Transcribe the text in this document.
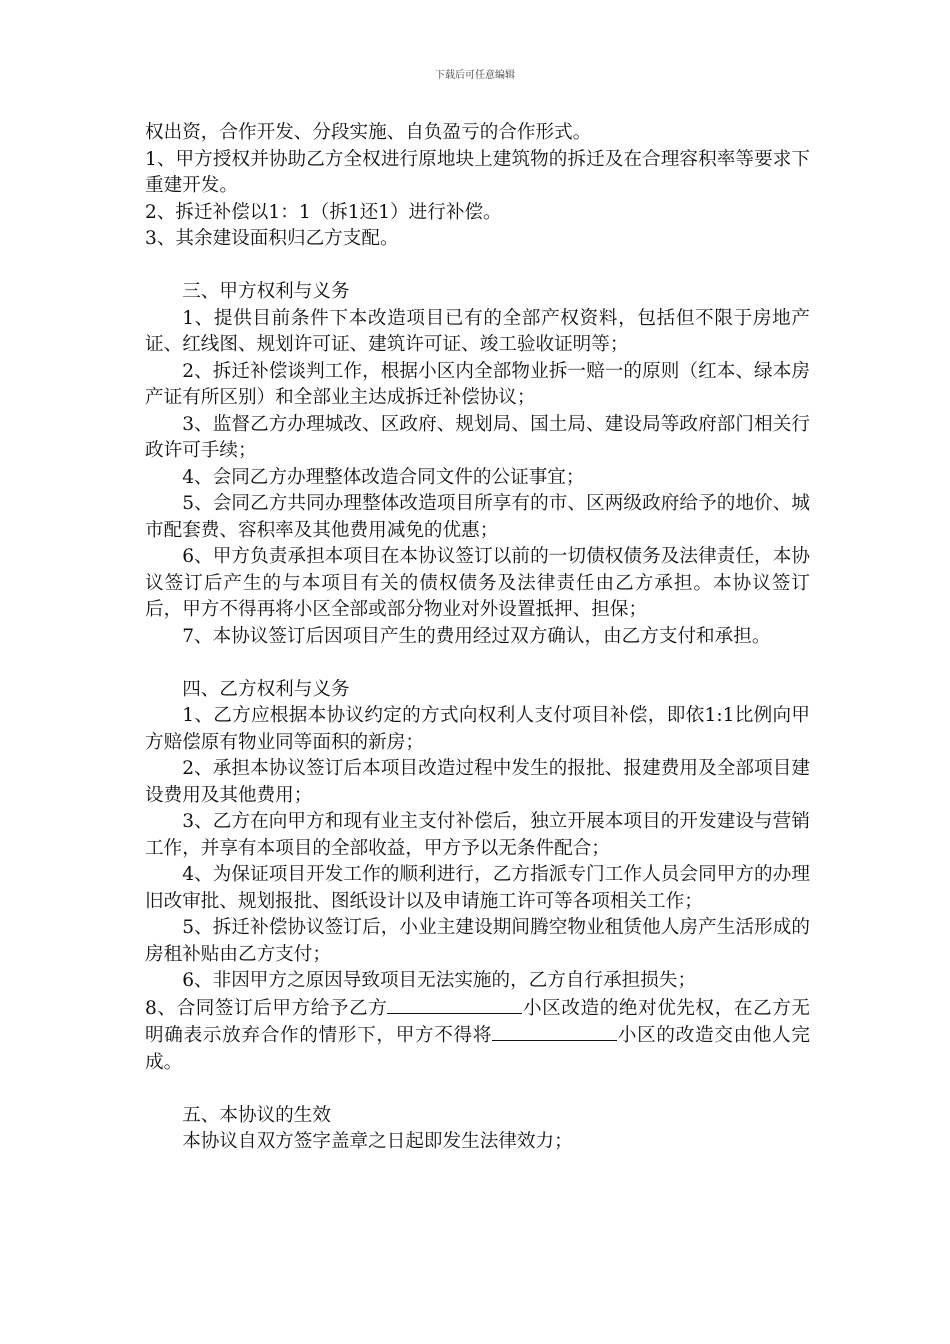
下载后可任意编辑

权出资，合作开发、分段实施、自负盈亏的合作形式。

1、甲方授权并协助乙方全权进行原地块上建筑物的拆迁及在合理容积率等要求下重建开发。

2、拆迁补偿以1：1（拆1还1）进行补偿。

3、其余建设面积归乙方支配。

三、甲方权利与义务

1、提供目前条件下本改造项目已有的全部产权资料，包括但不限于房地产证、红线图、规划许可证、建筑许可证、竣工验收证明等；

2、拆迁补偿谈判工作，根据小区内全部物业拆一赔一的原则（红本、绿本房产证有所区别）和全部业主达成拆迁补偿协议；

3、监督乙方办理城改、区政府、规划局、国土局、建设局等政府部门相关行政许可手续；

4、会同乙方办理整体改造合同文件的公证事宜；

5、会同乙方共同办理整体改造项目所享有的市、区两级政府给予的地价、城市配套费、容积率及其他费用减免的优惠；

6、甲方负责承担本项目在本协议签订以前的一切债权债务及法律责任，本协议签订后产生的与本项目有关的债权债务及法律责任由乙方承担。本协议签订后，甲方不得再将小区全部或部分物业对外设置抵押、担保；

7、本协议签订后因项目产生的费用经过双方确认，由乙方支付和承担。

四、乙方权利与义务

1、乙方应根据本协议约定的方式向权利人支付项目补偿，即依1:1比例向甲方赔偿原有物业同等面积的新房；

2、承担本协议签订后本项目改造过程中发生的报批、报建费用及全部项目建设费用及其他费用；

3、乙方在向甲方和现有业主支付补偿后，独立开展本项目的开发建设与营销工作，并享有本项目的全部收益，甲方予以无条件配合；

4、为保证项目开发工作的顺利进行，乙方指派专门工作人员会同甲方的办理旧改审批、规划报批、图纸设计以及申请施工许可等各项相关工作；

5、拆迁补偿协议签订后，小业主建设期间腾空物业租赁他人房产生活形成的房租补贴由乙方支付；

6、非因甲方之原因导致项目无法实施的，乙方自行承担损失；

8、合同签订后甲方给予乙方	小区改造的绝对优先权，在乙方无明确表示放弃合作的情形下，甲方不得将	小区的改造交由他人完成。

五、本协议的生效

本协议自双方签字盖章之日起即发生法律效力；
